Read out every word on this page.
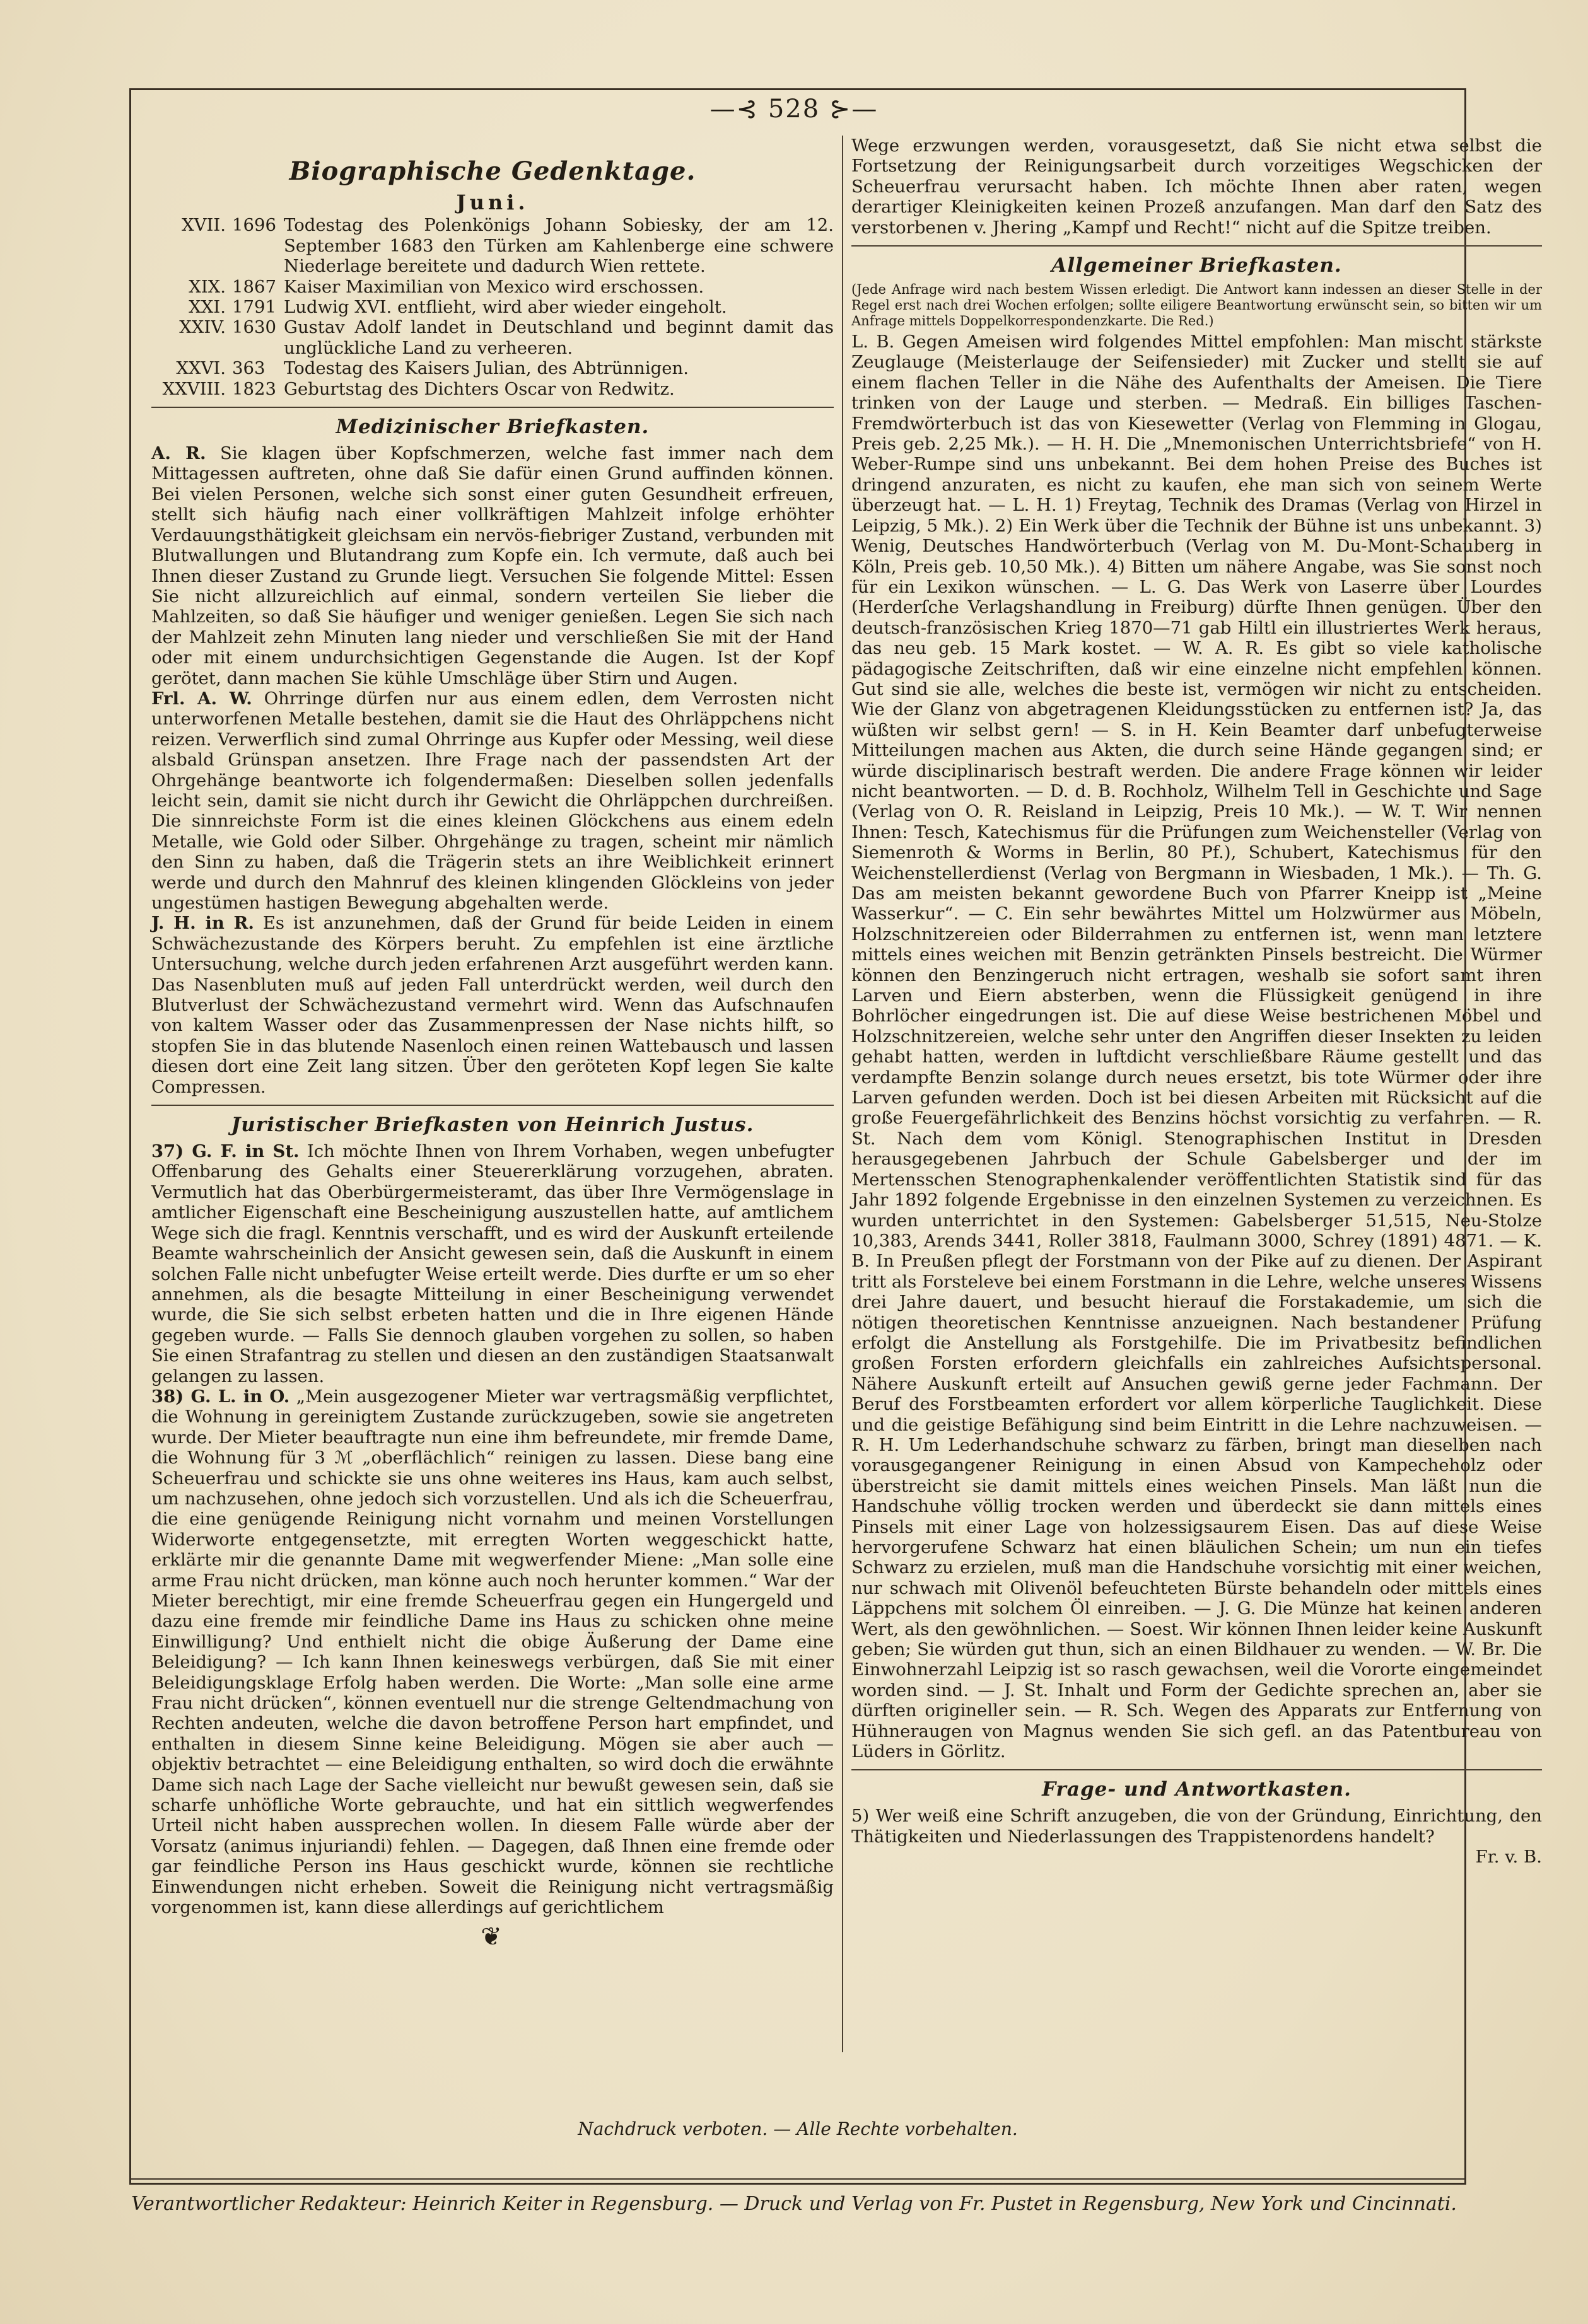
—⊰ 528 ⊱—
Biographische Gedenktage.
Juni.
XVII.	1696	Todestag des Polenkönigs Johann Sobiesky, der am 12. September 1683 den Türken am Kahlenberge eine schwere Niederlage bereitete und dadurch Wien rettete.
XIX.	1867	Kaiser Maximilian von Mexico wird erschossen.
XXI.	1791	Ludwig XVI. entflieht, wird aber wieder eingeholt.
XXIV.	1630	Gustav Adolf landet in Deutschland und beginnt damit das unglückliche Land zu verheeren.
XXVI.	363	Todestag des Kaisers Julian, des Abtrünnigen.
XXVIII.	1823	Geburtstag des Dichters Oscar von Redwitz.
Medizinischer Briefkasten.

A. R. Sie klagen über Kopfschmerzen, welche fast immer nach dem Mittagessen auftreten, ohne daß Sie dafür einen Grund auffinden können. Bei vielen Personen, welche sich sonst einer guten Gesundheit erfreuen, stellt sich häufig nach einer vollkräftigen Mahlzeit infolge erhöhter Verdauungsthätigkeit gleichsam ein nervös-fiebriger Zustand, verbunden mit Blutwallungen und Blutandrang zum Kopfe ein. Ich vermute, daß auch bei Ihnen dieser Zustand zu Grunde liegt. Versuchen Sie folgende Mittel: Essen Sie nicht allzureichlich auf einmal, sondern verteilen Sie lieber die Mahlzeiten, so daß Sie häufiger und weniger genießen. Legen Sie sich nach der Mahlzeit zehn Minuten lang nieder und verschließen Sie mit der Hand oder mit einem undurchsichtigen Gegenstande die Augen. Ist der Kopf gerötet, dann machen Sie kühle Umschläge über Stirn und Augen.

Frl. A. W. Ohrringe dürfen nur aus einem edlen, dem Verrosten nicht unterworfenen Metalle bestehen, damit sie die Haut des Ohrläppchens nicht reizen. Verwerflich sind zumal Ohrringe aus Kupfer oder Messing, weil diese alsbald Grünspan ansetzen. Ihre Frage nach der passendsten Art der Ohrgehänge beantworte ich folgendermaßen: Dieselben sollen jedenfalls leicht sein, damit sie nicht durch ihr Gewicht die Ohrläppchen durchreißen. Die sinnreichste Form ist die eines kleinen Glöckchens aus einem edeln Metalle, wie Gold oder Silber. Ohrgehänge zu tragen, scheint mir nämlich den Sinn zu haben, daß die Trägerin stets an ihre Weiblichkeit erinnert werde und durch den Mahnruf des kleinen klingenden Glöckleins von jeder ungestümen hastigen Bewegung abgehalten werde.

J. H. in R. Es ist anzunehmen, daß der Grund für beide Leiden in einem Schwächezustande des Körpers beruht. Zu empfehlen ist eine ärztliche Untersuchung, welche durch jeden erfahrenen Arzt ausgeführt werden kann. Das Nasenbluten muß auf jeden Fall unterdrückt werden, weil durch den Blutverlust der Schwächezustand vermehrt wird. Wenn das Aufschnaufen von kaltem Wasser oder das Zusammenpressen der Nase nichts hilft, so stopfen Sie in das blutende Nasenloch einen reinen Wattebausch und lassen diesen dort eine Zeit lang sitzen. Über den geröteten Kopf legen Sie kalte Compressen.

Juristischer Briefkasten von Heinrich Justus.

37) G. F. in St. Ich möchte Ihnen von Ihrem Vorhaben, wegen unbefugter Offenbarung des Gehalts einer Steuererklärung vorzugehen, abraten. Vermutlich hat das Oberbürgermeisteramt, das über Ihre Vermögenslage in amtlicher Eigenschaft eine Bescheinigung auszustellen hatte, auf amtlichem Wege sich die fragl. Kenntnis verschafft, und es wird der Auskunft erteilende Beamte wahrscheinlich der Ansicht gewesen sein, daß die Auskunft in einem solchen Falle nicht unbefugter Weise erteilt werde. Dies durfte er um so eher annehmen, als die besagte Mitteilung in einer Bescheinigung verwendet wurde, die Sie sich selbst erbeten hatten und die in Ihre eigenen Hände gegeben wurde. — Falls Sie dennoch glauben vorgehen zu sollen, so haben Sie einen Strafantrag zu stellen und diesen an den zuständigen Staatsanwalt gelangen zu lassen.

38) G. L. in O. „Mein ausgezogener Mieter war vertragsmäßig verpflichtet, die Wohnung in gereinigtem Zustande zurückzugeben, sowie sie angetreten wurde. Der Mieter beauftragte nun eine ihm befreundete, mir fremde Dame, die Wohnung für 3 ℳ „oberflächlich“ reinigen zu lassen. Diese bang eine Scheuerfrau und schickte sie uns ohne weiteres ins Haus, kam auch selbst, um nachzusehen, ohne jedoch sich vorzustellen. Und als ich die Scheuerfrau, die eine genügende Reinigung nicht vornahm und meinen Vorstellungen Widerworte entgegensetzte, mit erregten Worten weggeschickt hatte, erklärte mir die genannte Dame mit wegwerfender Miene: „Man solle eine arme Frau nicht drücken, man könne auch noch herunter kommen.“ War der Mieter berechtigt, mir eine fremde Scheuerfrau gegen ein Hungergeld und dazu eine fremde mir feindliche Dame ins Haus zu schicken ohne meine Einwilligung? Und enthielt nicht die obige Äußerung der Dame eine Beleidigung? — Ich kann Ihnen keineswegs verbürgen, daß Sie mit einer Beleidigungsklage Erfolg haben werden. Die Worte: „Man solle eine arme Frau nicht drücken“, können eventuell nur die strenge Geltendmachung von Rechten andeuten, welche die davon betroffene Person hart empfindet, und enthalten in diesem Sinne keine Beleidigung. Mögen sie aber auch — objektiv betrachtet — eine Beleidigung enthalten, so wird doch die erwähnte Dame sich nach Lage der Sache vielleicht nur bewußt gewesen sein, daß sie scharfe unhöfliche Worte gebrauchte, und hat ein sittlich wegwerfendes Urteil nicht haben aussprechen wollen. In diesem Falle würde aber der Vorsatz (animus injuriandi) fehlen. — Dagegen, daß Ihnen eine fremde oder gar feindliche Person ins Haus geschickt wurde, können sie rechtliche Einwendungen nicht erheben. Soweit die Reinigung nicht vertragsmäßig vorgenommen ist, kann diese allerdings auf gerichtlichem

❦

Wege erzwungen werden, vorausgesetzt, daß Sie nicht etwa selbst die Fortsetzung der Reinigungsarbeit durch vorzeitiges Wegschicken der Scheuerfrau verursacht haben. Ich möchte Ihnen aber raten, wegen derartiger Kleinigkeiten keinen Prozeß anzufangen. Man darf den Satz des verstorbenen v. Jhering „Kampf und Recht!“ nicht auf die Spitze treiben.

Allgemeiner Briefkasten.

(Jede Anfrage wird nach bestem Wissen erledigt. Die Antwort kann indessen an dieser Stelle in der Regel erst nach drei Wochen erfolgen; sollte eiligere Beantwortung erwünscht sein, so bitten wir um Anfrage mittels Doppelkorrespondenzkarte. Die Red.)

L. B. Gegen Ameisen wird folgendes Mittel empfohlen: Man mischt stärkste Zeuglauge (Meisterlauge der Seifensieder) mit Zucker und stellt sie auf einem flachen Teller in die Nähe des Aufenthalts der Ameisen. Die Tiere trinken von der Lauge und sterben. — Medraß. Ein billiges Taschen-Fremdwörterbuch ist das von Kiesewetter (Verlag von Flemming in Glogau, Preis geb. 2,25 Mk.). — H. H. Die „Mnemonischen Unterrichtsbriefe“ von H. Weber-Rumpe sind uns unbekannt. Bei dem hohen Preise des Buches ist dringend anzuraten, es nicht zu kaufen, ehe man sich von seinem Werte überzeugt hat. — L. H. 1) Freytag, Technik des Dramas (Verlag von Hirzel in Leipzig, 5 Mk.). 2) Ein Werk über die Technik der Bühne ist uns unbekannt. 3) Wenig, Deutsches Handwörterbuch (Verlag von M. Du-Mont-Schauberg in Köln, Preis geb. 10,50 Mk.). 4) Bitten um nähere Angabe, was Sie sonst noch für ein Lexikon wünschen. — L. G. Das Werk von Laserre über Lourdes (Herderſche Verlagshandlung in Freiburg) dürfte Ihnen genügen. Über den deutsch-französischen Krieg 1870—71 gab Hiltl ein illustriertes Werk heraus, das neu geb. 15 Mark kostet. — W. A. R. Es gibt so viele katholische pädagogische Zeitschriften, daß wir eine einzelne nicht empfehlen können. Gut sind sie alle, welches die beste ist, vermögen wir nicht zu entscheiden. Wie der Glanz von abgetragenen Kleidungsstücken zu entfernen ist? Ja, das wüßten wir selbst gern! — S. in H. Kein Beamter darf unbefugterweise Mitteilungen machen aus Akten, die durch seine Hände gegangen sind; er würde disciplinarisch bestraft werden. Die andere Frage können wir leider nicht beantworten. — D. d. B. Rochholz, Wilhelm Tell in Geschichte und Sage (Verlag von O. R. Reisland in Leipzig, Preis 10 Mk.). — W. T. Wir nennen Ihnen: Tesch, Katechismus für die Prüfungen zum Weichensteller (Verlag von Siemenroth & Worms in Berlin, 80 Pf.), Schubert, Katechismus für den Weichenstellerdienst (Verlag von Bergmann in Wiesbaden, 1 Mk.). — Th. G. Das am meisten bekannt gewordene Buch von Pfarrer Kneipp ist „Meine Wasserkur“. — C. Ein sehr bewährtes Mittel um Holzwürmer aus Möbeln, Holzschnitzereien oder Bilderrahmen zu entfernen ist, wenn man letztere mittels eines weichen mit Benzin getränkten Pinsels bestreicht. Die Würmer können den Benzingeruch nicht ertragen, weshalb sie sofort samt ihren Larven und Eiern absterben, wenn die Flüssigkeit genügend in ihre Bohrlöcher eingedrungen ist. Die auf diese Weise bestrichenen Möbel und Holzschnitzereien, welche sehr unter den Angriffen dieser Insekten zu leiden gehabt hatten, werden in luftdicht verschließbare Räume gestellt und das verdampfte Benzin solange durch neues ersetzt, bis tote Würmer oder ihre Larven gefunden werden. Doch ist bei diesen Arbeiten mit Rücksicht auf die große Feuergefährlichkeit des Benzins höchst vorsichtig zu verfahren. — R. St. Nach dem vom Königl. Stenographischen Institut in Dresden herausgegebenen Jahrbuch der Schule Gabelsberger und der im Mertensschen Stenographenkalender veröffentlichten Statistik sind für das Jahr 1892 folgende Ergebnisse in den einzelnen Systemen zu verzeichnen. Es wurden unterrichtet in den Systemen: Gabelsberger 51,515, Neu-Stolze 10,383, Arends 3441, Roller 3818, Faulmann 3000, Schrey (1891) 4871. — K. B. In Preußen pflegt der Forstmann von der Pike auf zu dienen. Der Aspirant tritt als Forsteleve bei einem Forstmann in die Lehre, welche unseres Wissens drei Jahre dauert, und besucht hierauf die Forstakademie, um sich die nötigen theoretischen Kenntnisse anzueignen. Nach bestandener Prüfung erfolgt die Anstellung als Forstgehilfe. Die im Privatbesitz befindlichen großen Forsten erfordern gleichfalls ein zahlreiches Aufsichtspersonal. Nähere Auskunft erteilt auf Ansuchen gewiß gerne jeder Fachmann. Der Beruf des Forstbeamten erfordert vor allem körperliche Tauglichkeit. Diese und die geistige Befähigung sind beim Eintritt in die Lehre nachzuweisen. — R. H. Um Lederhandschuhe schwarz zu färben, bringt man dieselben nach vorausgegangener Reinigung in einen Absud von Kampecheholz oder überstreicht sie damit mittels eines weichen Pinsels. Man läßt nun die Handschuhe völlig trocken werden und überdeckt sie dann mittels eines Pinsels mit einer Lage von holzessigsaurem Eisen. Das auf diese Weise hervorgerufene Schwarz hat einen bläulichen Schein; um nun ein tiefes Schwarz zu erzielen, muß man die Handschuhe vorsichtig mit einer weichen, nur schwach mit Olivenöl befeuchteten Bürste behandeln oder mittels eines Läppchens mit solchem Öl einreiben. — J. G. Die Münze hat keinen anderen Wert, als den gewöhnlichen. — Soest. Wir können Ihnen leider keine Auskunft geben; Sie würden gut thun, sich an einen Bildhauer zu wenden. — W. Br. Die Einwohnerzahl Leipzig ist so rasch gewachsen, weil die Vororte eingemeindet worden sind. — J. St. Inhalt und Form der Gedichte sprechen an, aber sie dürften origineller sein. — R. Sch. Wegen des Apparats zur Entfernung von Hühneraugen von Magnus wenden Sie sich gefl. an das Patentbureau von Lüders in Görlitz.

Frage- und Antwortkasten.

5) Wer weiß eine Schrift anzugeben, die von der Gründung, Einrichtung, den Thätigkeiten und Niederlassungen des Trappistenordens handelt?

Fr. v. B.

Nachdruck verboten. — Alle Rechte vorbehalten.
Verantwortlicher Redakteur: Heinrich Keiter in Regensburg. — Druck und Verlag von Fr. Pustet in Regensburg, New York und Cincinnati.
